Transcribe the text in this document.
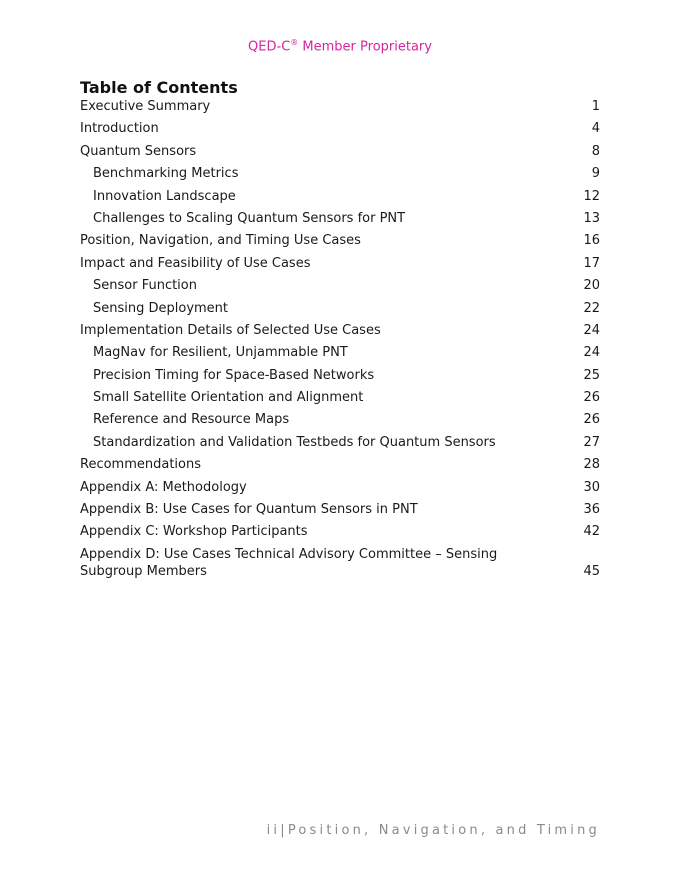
QED-C® Member Proprietary
Table of Contents
Executive Summary	1
Introduction	4
Quantum Sensors	8
Benchmarking Metrics	9
Innovation Landscape	12
Challenges to Scaling Quantum Sensors for PNT	13
Position, Navigation, and Timing Use Cases	16
Impact and Feasibility of Use Cases	17
Sensor Function	20
Sensing Deployment	22
Implementation Details of Selected Use Cases	24
MagNav for Resilient, Unjammable PNT	24
Precision Timing for Space-Based Networks	25
Small Satellite Orientation and Alignment	26
Reference and Resource Maps	26
Standardization and Validation Testbeds for Quantum Sensors	27
Recommendations	28
Appendix A: Methodology	30
Appendix B: Use Cases for Quantum Sensors in PNT	36
Appendix C: Workshop Participants	42
Appendix D: Use Cases Technical Advisory Committee – Sensing Subgroup Members	45
ii|Position, Navigation, and Timing
